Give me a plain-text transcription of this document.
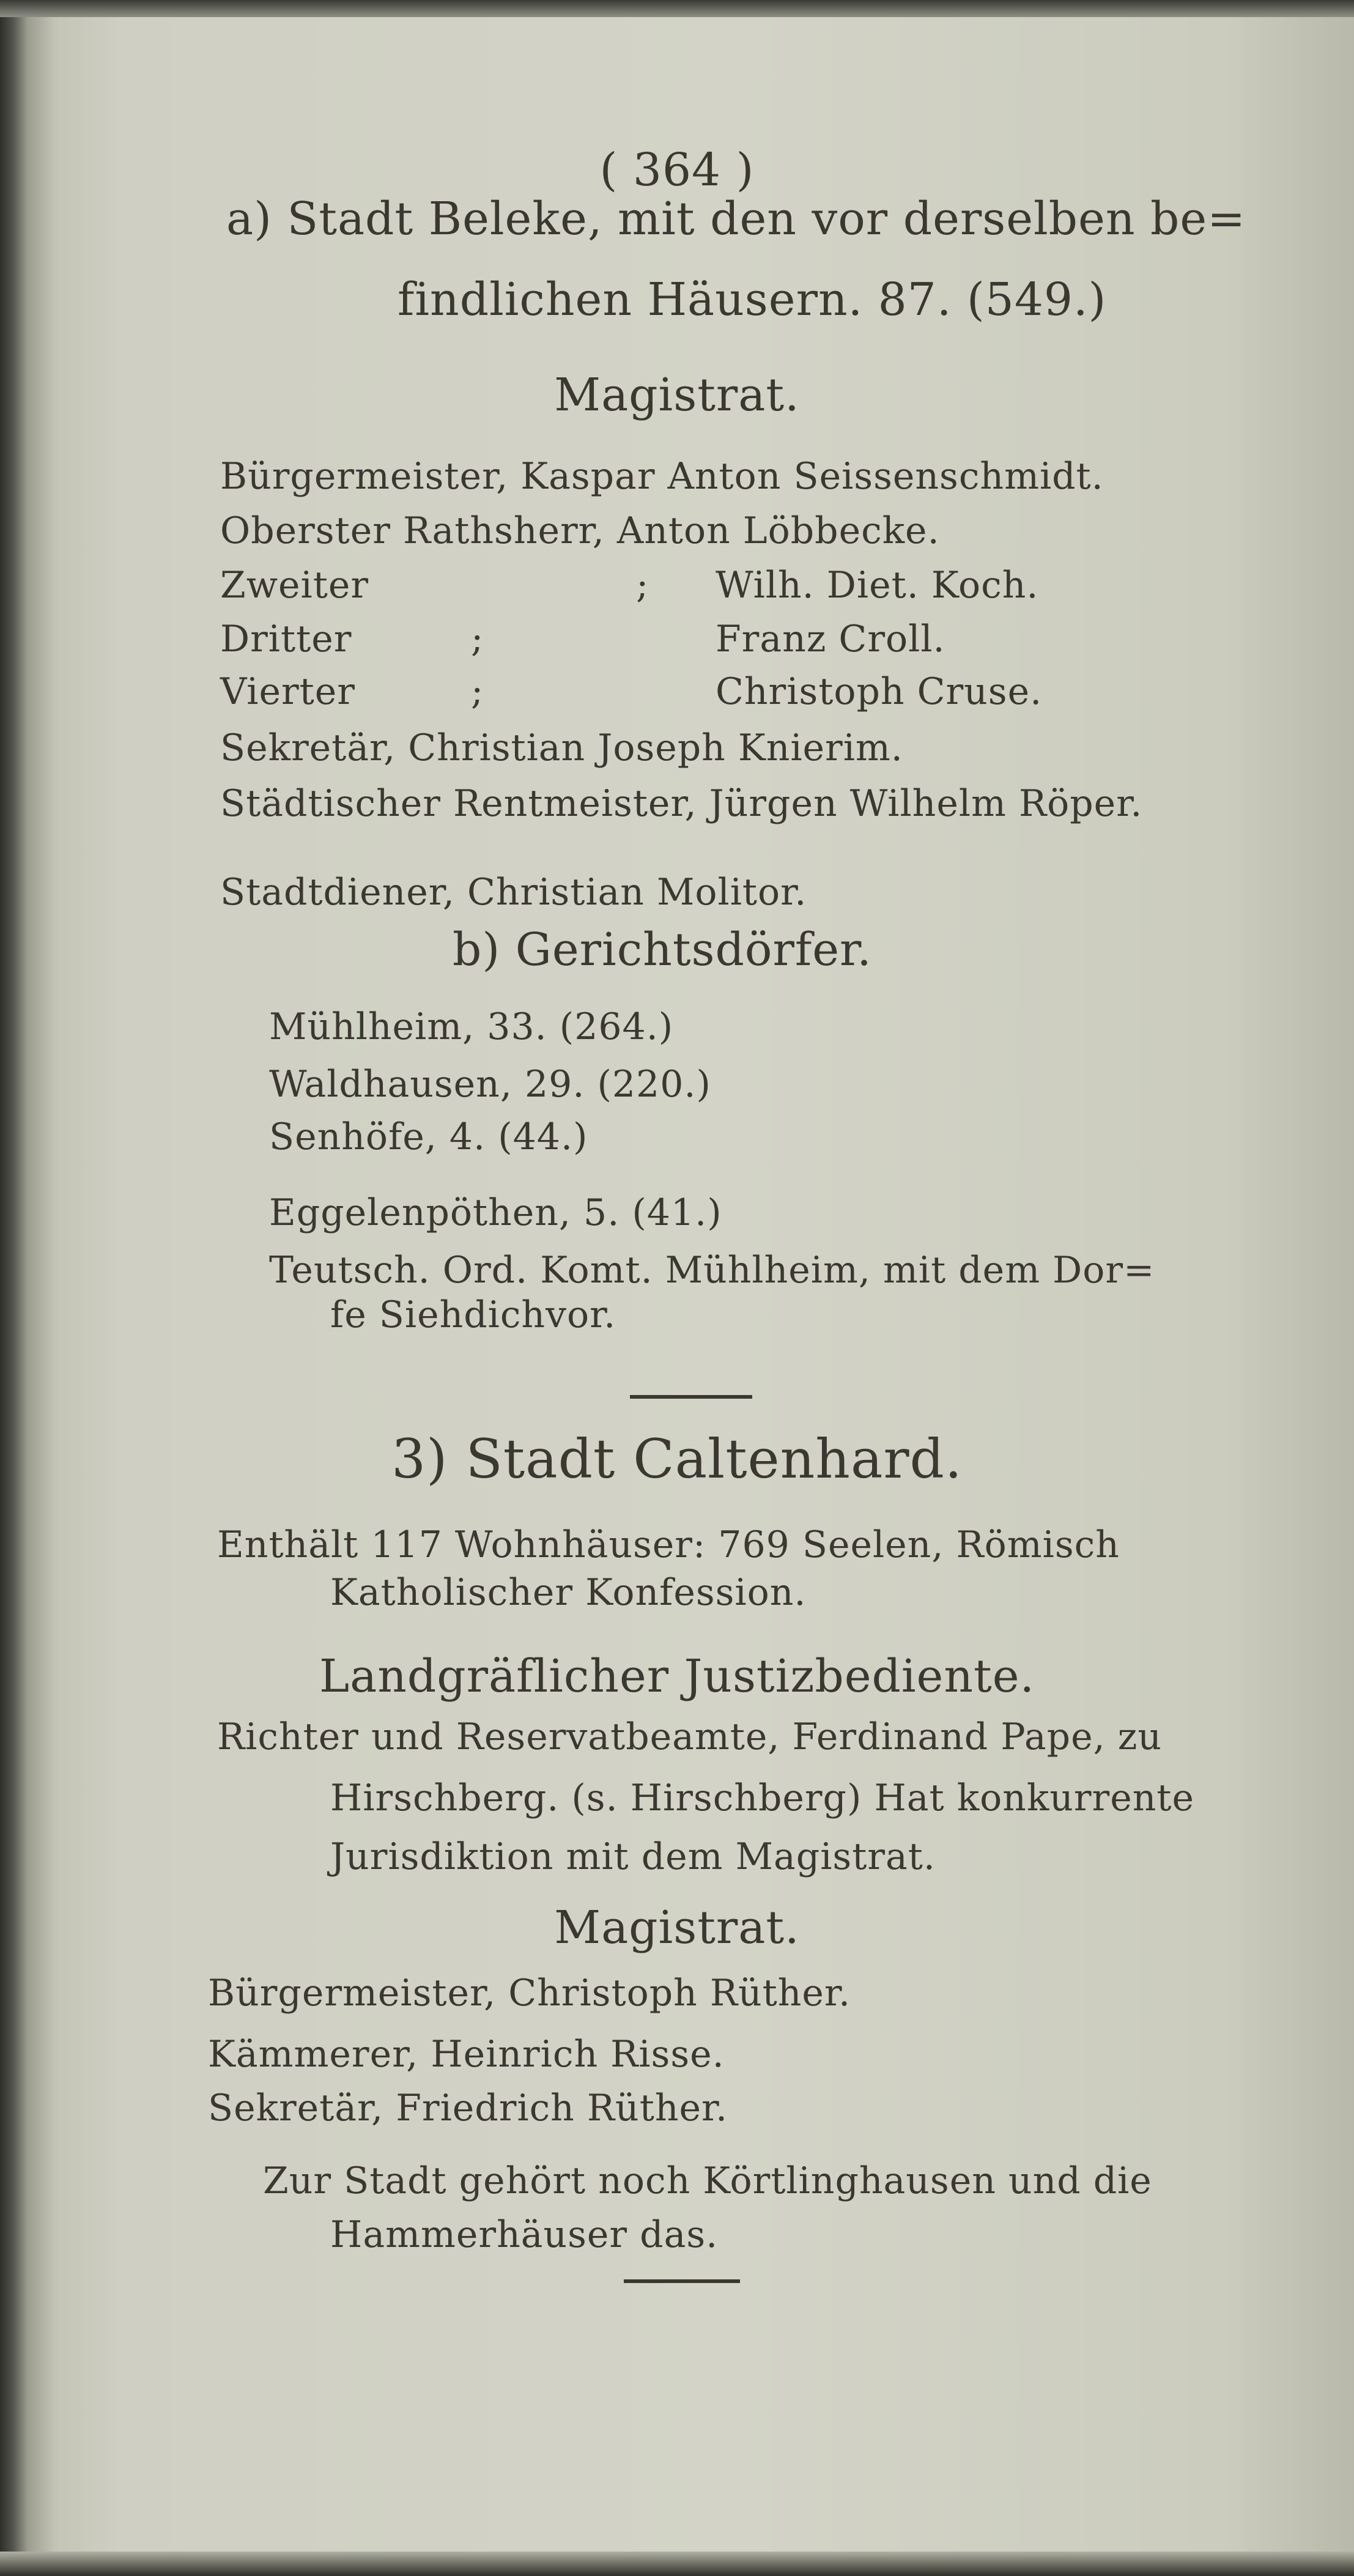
( 364 )
a) Stadt Beleke, mit den vor derselben be=
findlichen Häusern. 87. (549.)
Magistrat.
Bürgermeister, Kaspar Anton Seissenschmidt.
Oberster Rathsherr, Anton Löbbecke.
Zweiter	; Wilh. Diet. Koch.
Dritter	;	Franz Croll.
Vierter	;	Christoph Cruse.
Sekretär, Christian Joseph Knierim.
Städtischer Rentmeister, Jürgen Wilhelm Röper.
Stadtdiener, Christian Molitor.
b) Gerichtsdörfer.
Mühlheim, 33. (264.)
Waldhausen, 29. (220.)
Senhöfe, 4. (44.)
Eggelenpöthen, 5. (41.)
Teutsch. Ord. Komt. Mühlheim, mit dem Dor=
fe Siehdichvor.
3) Stadt Caltenhard.
Enthält 117 Wohnhäuser: 769 Seelen, Römisch
Katholischer Konfession.
Landgräflicher Justizbediente.
Richter und Reservatbeamte, Ferdinand Pape, zu
Hirschberg. (s. Hirschberg) Hat konkurrente
Jurisdiktion mit dem Magistrat.
Magistrat.
Bürgermeister, Christoph Rüther.
Kämmerer, Heinrich Risse.
Sekretär, Friedrich Rüther.
Zur Stadt gehört noch Körtlinghausen und die
Hammerhäuser das.
